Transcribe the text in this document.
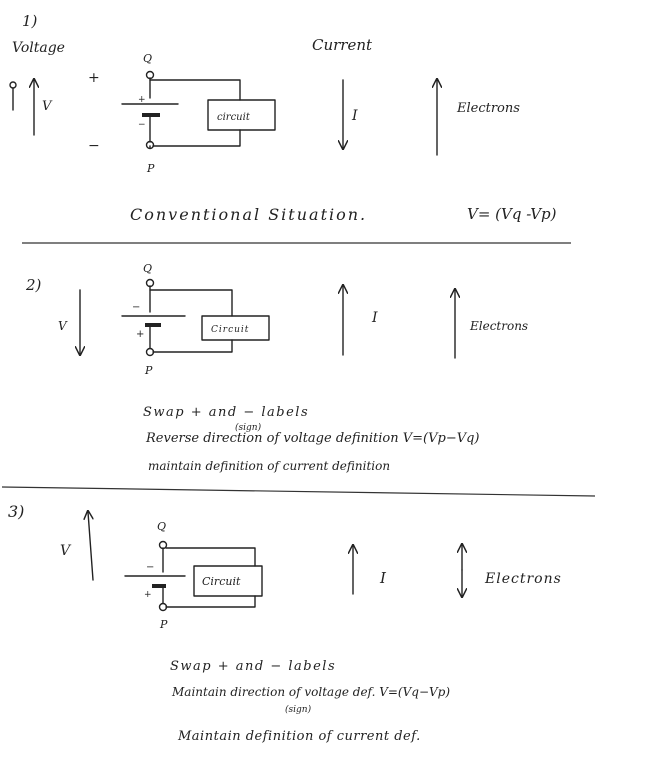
1)
Voltage	Current
V
+
−
Q
+
−
P
circuit	I	Electrons
Conventional Situation.	V= (Vq -Vp)
2)
V
Q
−
+
P
Circuit
I	Electrons
Swap + and − labels
(sign)
Reverse direction of voltage definition V=(Vp−Vq)
maintain definition of current definition
3)
V
Q
−
+
P
Circuit	I	Electrons
Swap + and − labels
Maintain direction of voltage def. V=(Vq−Vp)
(sign)
Maintain definition of current def.
